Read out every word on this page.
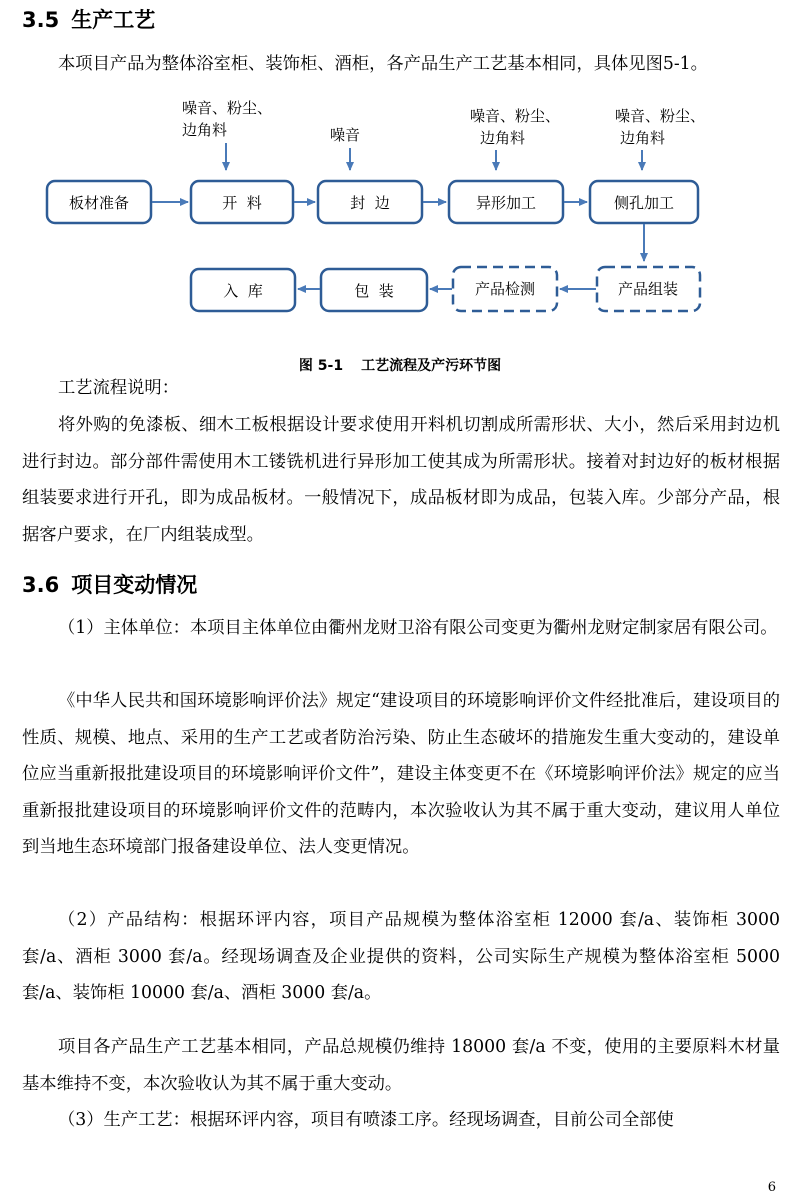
3.5 生产工艺

本项目产品为整体浴室柜、装饰柜、酒柜，各产品生产工艺基本相同，具体见图5-1。

噪音、粉尘、
边角料	噪音
噪音、粉尘、
边角料
噪音、粉尘、
边角料
板材准备	开  料	封  边	异形加工	侧孔加工
产品组装
产品检测
包  装
入  库
图 5-1 工艺流程及产污环节图

工艺流程说明：

将外购的免漆板、细木工板根据设计要求使用开料机切割成所需形状、大小，然后采用封边机进行封边。部分部件需使用木工镂铣机进行异形加工使其成为所需形状。接着对封边好的板材根据组装要求进行开孔，即为成品板材。一般情况下，成品板材即为成品，包装入库。少部分产品，根据客户要求，在厂内组装成型。

3.6 项目变动情况

（1）主体单位：本项目主体单位由衢州龙财卫浴有限公司变更为衢州龙财定制家居有限公司。

《中华人民共和国环境影响评价法》规定“建设项目的环境影响评价文件经批准后，建设项目的性质、规模、地点、采用的生产工艺或者防治污染、防止生态破坏的措施发生重大变动的，建设单位应当重新报批建设项目的环境影响评价文件”，建设主体变更不在《环境影响评价法》规定的应当重新报批建设项目的环境影响评价文件的范畴内，本次验收认为其不属于重大变动，建议用人单位到当地生态环境部门报备建设单位、法人变更情况。

（2）产品结构：根据环评内容，项目产品规模为整体浴室柜 12000 套/a、装饰柜 3000 套/a、酒柜 3000 套/a。经现场调查及企业提供的资料，公司实际生产规模为整体浴室柜 5000 套/a、装饰柜 10000 套/a、酒柜 3000 套/a。

项目各产品生产工艺基本相同，产品总规模仍维持 18000 套/a 不变，使用的主要原料木材量基本维持不变，本次验收认为其不属于重大变动。

（3）生产工艺：根据环评内容，项目有喷漆工序。经现场调查，目前公司全部使

6
